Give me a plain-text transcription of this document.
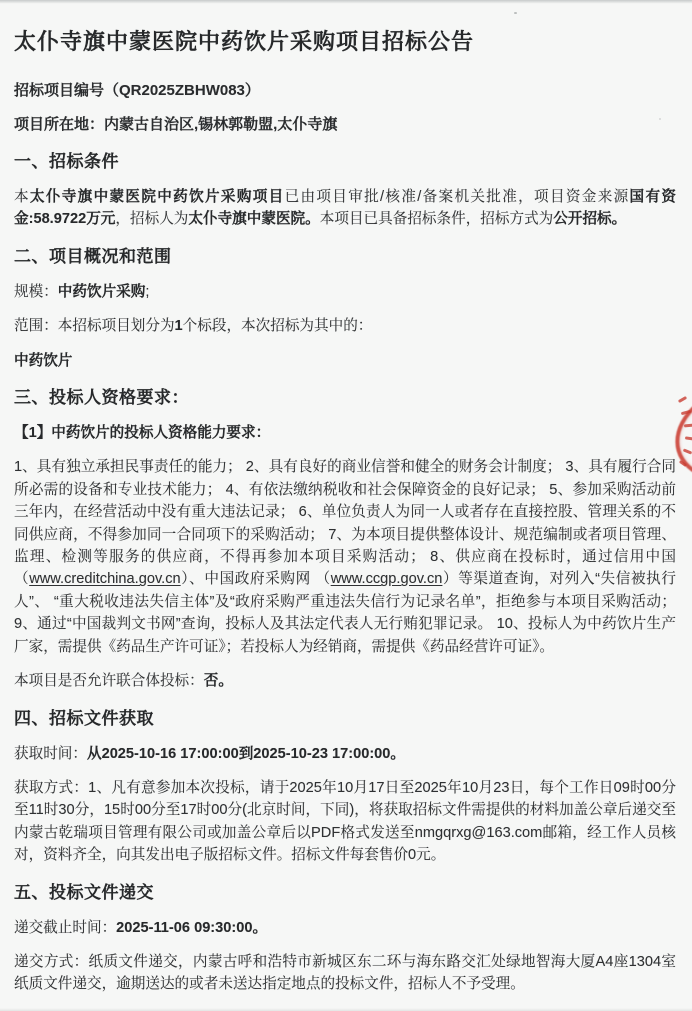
太仆寺旗中蒙医院中药饮片采购项目招标公告

招标项目编号（QR2025ZBHW083）

项目所在地：内蒙古自治区,锡林郭勒盟,太仆寺旗

一、招标条件

本太仆寺旗中蒙医院中药饮片采购项目已由项目审批/核准/备案机关批准，项目资金来源国有资金:58.9722万元，招标人为太仆寺旗中蒙医院。本项目已具备招标条件，招标方式为公开招标。

二、项目概况和范围

规模：中药饮片采购;

范围：本招标项目划分为1个标段，本次招标为其中的：

中药饮片

三、投标人资格要求：

【1】中药饮片的投标人资格能力要求：

1、具有独立承担民事责任的能力； 2、具有良好的商业信誉和健全的财务会计制度； 3、具有履行合同所必需的设备和专业技术能力； 4、有依法缴纳税收和社会保障资金的良好记录； 5、参加采购活动前三年内，在经营活动中没有重大违法记录； 6、单位负责人为同一人或者存在直接控股、管理关系的不同供应商，不得参加同一合同项下的采购活动； 7、为本项目提供整体设计、规范编制或者项目管理、监理、检测等服务的供应商，不得再参加本项目采购活动； 8、供应商在投标时，通过信用中国（www.creditchina.gov.cn）、中国政府采购网 （www.ccgp.gov.cn）等渠道查询，对列入“失信被执行人”、 “重大税收违法失信主体”及“政府采购严重违法失信行为记录名单”，拒绝参与本项目采购活动； 9、通过“中国裁判文书网”查询，投标人及其法定代表人无行贿犯罪记录。 10、投标人为中药饮片生产厂家，需提供《药品生产许可证》；若投标人为经销商，需提供《药品经营许可证》。

本项目是否允许联合体投标：否。

四、招标文件获取

获取时间：从2025-10-16 17:00:00到2025-10-23 17:00:00。

获取方式：1、凡有意参加本次投标，请于2025年10月17日至2025年10月23日，每个工作日09时00分至11时30分，15时00分至17时00分(北京时间，下同)，将获取招标文件需提供的材料加盖公章后递交至内蒙古乾瑞项目管理有限公司或加盖公章后以PDF格式发送至nmgqrxg@163.com邮箱，经工作人员核对，资料齐全，向其发出电子版招标文件。招标文件每套售价0元。

五、投标文件递交

递交截止时间：2025-11-06 09:30:00。

递交方式：纸质文件递交，内蒙古呼和浩特市新城区东二环与海东路交汇处绿地智海大厦A4座1304室纸质文件递交，逾期送达的或者未送达指定地点的投标文件，招标人不予受理。
